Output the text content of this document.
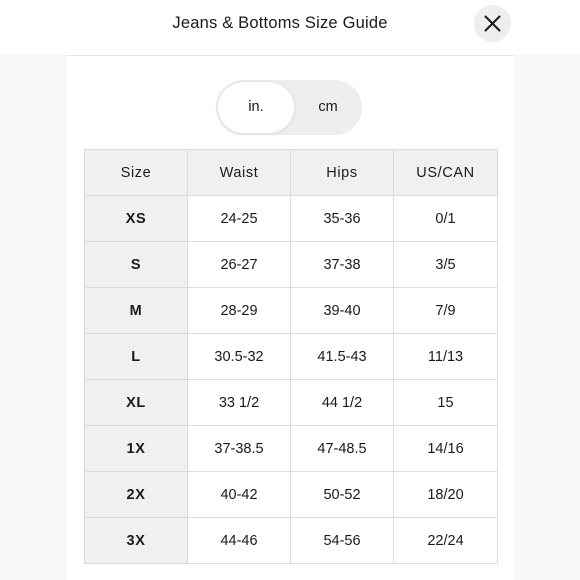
Jeans & Bottoms Size Guide
in.	cm
Size	Waist	Hips	US/CAN
XS	24-25	35-36	0/1
S	26-27	37-38	3/5
M	28-29	39-40	7/9
L	30.5-32	41.5-43	11/13
XL	33 1/2	44 1/2	15
1X	37-38.5	47-48.5	14/16
2X	40-42	50-52	18/20
3X	44-46	54-56	22/24
